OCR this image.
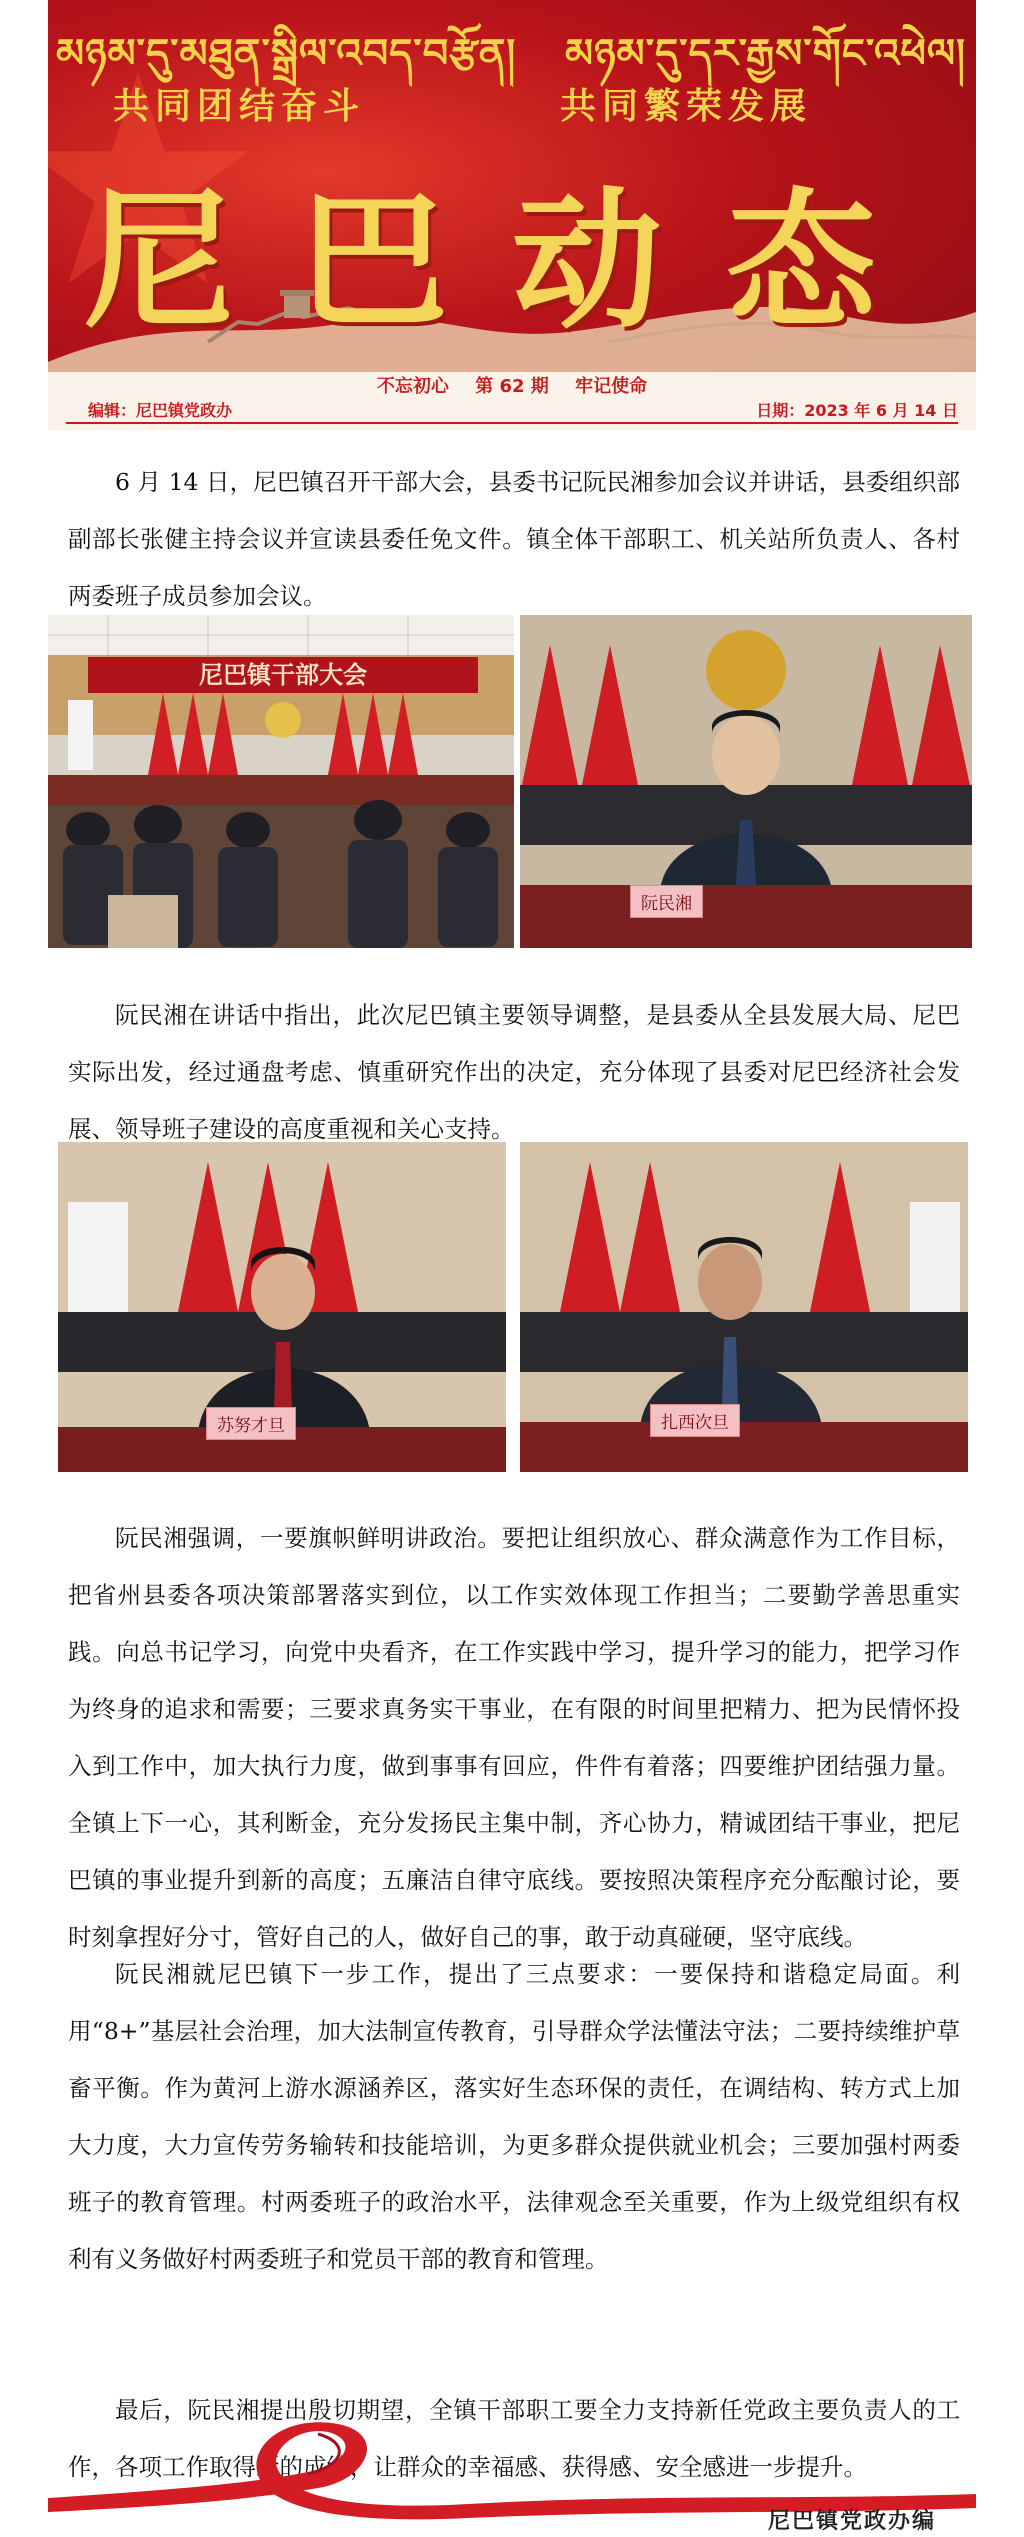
མཉམ་དུ་མཐུན་སྒྲིལ་འབད་བརྩོན། མཉམ་དུ་དར་རྒྱས་གོང་འཕེལ།
共同团结奋斗	共同繁荣发展
尼巴动态
不忘初心 第 62 期 牢记使命
编辑：尼巴镇党政办	日期：2023 年 6 月 14 日

6 月 14 日，尼巴镇召开干部大会，县委书记阮民湘参加会议并讲话，县委组织部副部长张健主持会议并宣读县委任免文件。镇全体干部职工、机关站所负责人、各村两委班子成员参加会议。

尼巴镇干部大会
阮民湘

阮民湘在讲话中指出，此次尼巴镇主要领导调整，是县委从全县发展大局、尼巴实际出发，经过通盘考虑、慎重研究作出的决定，充分体现了县委对尼巴经济社会发展、领导班子建设的高度重视和关心支持。

苏努才旦	扎西次旦

阮民湘强调，一要旗帜鲜明讲政治。要把让组织放心、群众满意作为工作目标，把省州县委各项决策部署落实到位，以工作实效体现工作担当；二要勤学善思重实践。向总书记学习，向党中央看齐，在工作实践中学习，提升学习的能力，把学习作为终身的追求和需要；三要求真务实干事业，在有限的时间里把精力、把为民情怀投入到工作中，加大执行力度，做到事事有回应，件件有着落；四要维护团结强力量。全镇上下一心，其利断金，充分发扬民主集中制，齐心协力，精诚团结干事业，把尼巴镇的事业提升到新的高度；五廉洁自律守底线。要按照决策程序充分酝酿讨论，要时刻拿捏好分寸，管好自己的人，做好自己的事，敢于动真碰硬，坚守底线。

阮民湘就尼巴镇下一步工作，提出了三点要求：一要保持和谐稳定局面。利用“8+”基层社会治理，加大法制宣传教育，引导群众学法懂法守法；二要持续维护草畜平衡。作为黄河上游水源涵养区，落实好生态环保的责任，在调结构、转方式上加大力度，大力宣传劳务输转和技能培训，为更多群众提供就业机会；三要加强村两委班子的教育管理。村两委班子的政治水平，法律观念至关重要，作为上级党组织有权利有义务做好村两委班子和党员干部的教育和管理。

最后，阮民湘提出殷切期望，全镇干部职工要全力支持新任党政主要负责人的工作，各项工作取得新的成绩，让群众的幸福感、获得感、安全感进一步提升。

尼巴镇党政办编
